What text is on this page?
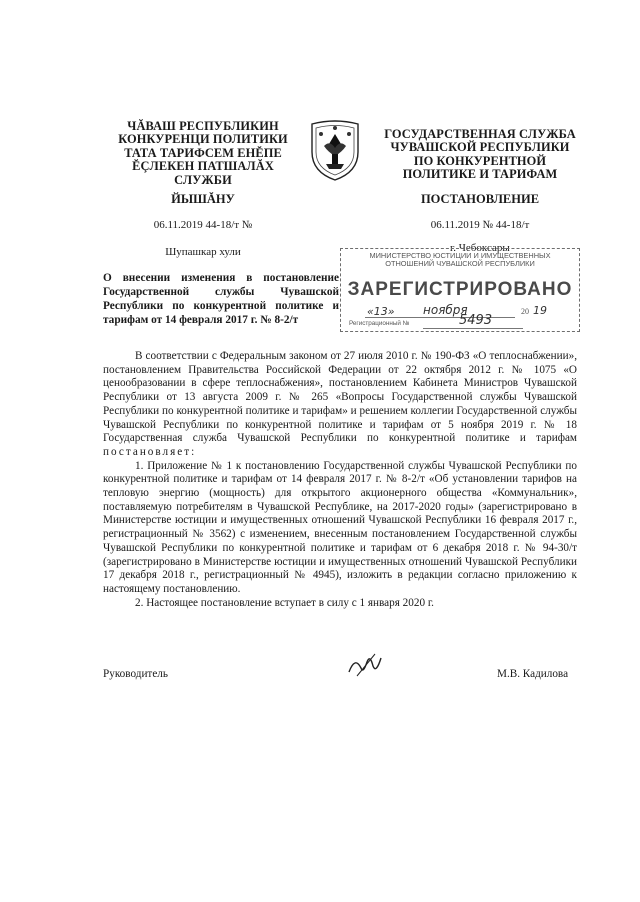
ЧĂВАШ РЕСПУБЛИКИН
КОНКУРЕНЦИ ПОЛИТИКИ
ТАТА ТАРИФСЕМ ЕНĔПЕ
ĔÇЛЕКЕН ПАТШАЛĂХ СЛУЖБИ
ЙЫШĂНУ
06.11.2019 44-18/т №
Шупашкар хули
ГОСУДАРСТВЕННАЯ СЛУЖБА
ЧУВАШСКОЙ РЕСПУБЛИКИ
ПО КОНКУРЕНТНОЙ
ПОЛИТИКЕ И ТАРИФАМ
ПОСТАНОВЛЕНИЕ
06.11.2019 № 44-18/т
г. Чебоксары
МИНИСТЕРСТВО ЮСТИЦИИ И ИМУЩЕСТВЕННЫХ
ОТНОШЕНИЙ ЧУВАШСКОЙ РЕСПУБЛИКИ
ЗАРЕГИСТРИРОВАНО
«13» ноября	20 19
Регистрационный №	5493
О внесении изменения в постановление Государственной службы Чувашской Республики по конкурентной политике и тарифам от 14 февраля 2017 г. № 8-2/т

В соответствии с Федеральным законом от 27 июля 2010 г. № 190-ФЗ «О теплоснабжении», постановлением Правительства Российской Федерации от 22 октября 2012 г. № 1075 «О ценообразовании в сфере теплоснабжения», постановлением Кабинета Министров Чувашской Республики от 13 августа 2009 г. № 265 «Вопросы Государственной службы Чувашской Республики по конкурентной политике и тарифам» и решением коллегии Государственной службы Чувашской Республики по конкурентной политике и тарифам от 5 ноября 2019 г. № 18 Государственная служба Чувашской Республики по конкурентной политике и тарифам постановляет:

1. Приложение № 1 к постановлению Государственной службы Чувашской Республики по конкурентной политике и тарифам от 14 февраля 2017 г. № 8-2/т «Об установлении тарифов на тепловую энергию (мощность) для открытого акционерного общества «Коммунальник», поставляемую потребителям в Чувашской Республике, на 2017-2020 годы» (зарегистрировано в Министерстве юстиции и имущественных отношений Чувашской Республики 16 февраля 2017 г., регистрационный № 3562) с изменением, внесенным постановлением Государственной службы Чувашской Республики по конкурентной политике и тарифам от 6 декабря 2018 г. № 94-30/т (зарегистрировано в Министерстве юстиции и имущественных отношений Чувашской Республики 17 декабря 2018 г., регистрационный № 4945), изложить в редакции согласно приложению к настоящему постановлению.

2. Настоящее постановление вступает в силу с 1 января 2020 г.

Руководитель	М.В. Кадилова
